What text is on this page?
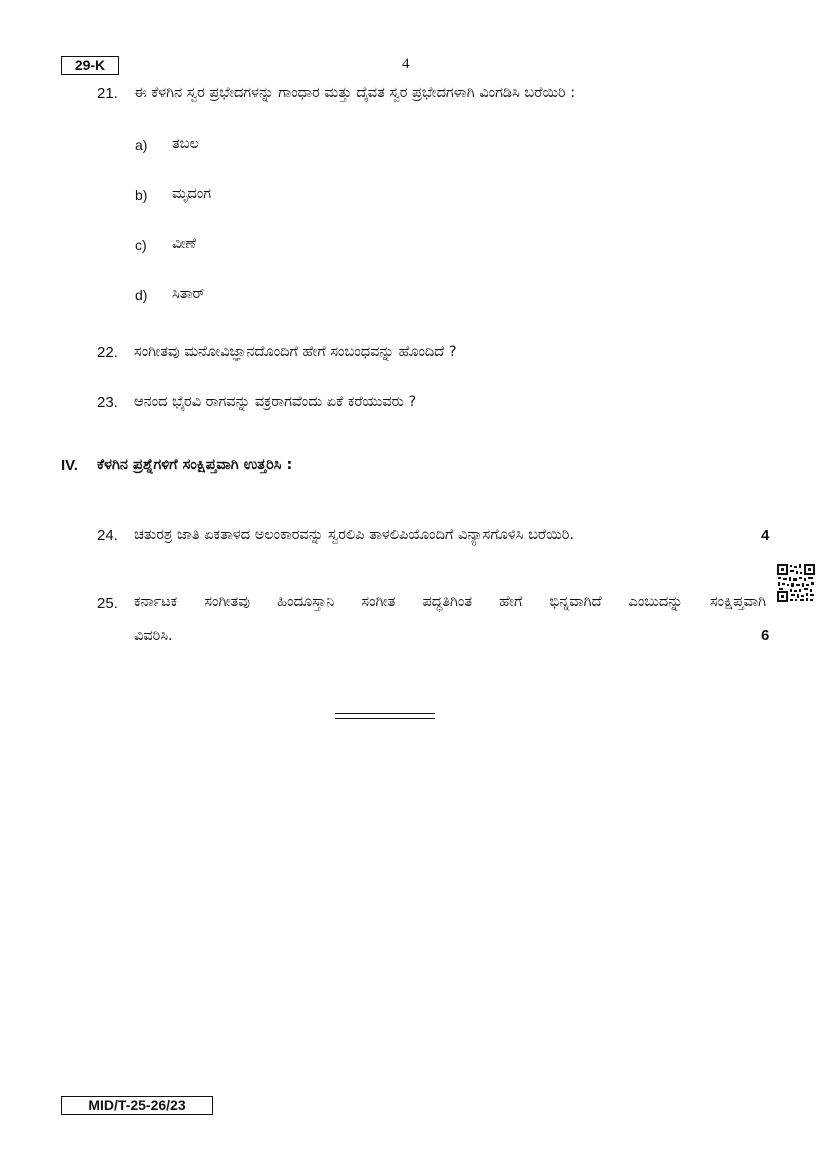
29-K	4
21. ಈ ಕೆಳಗಿನ ಸ್ವರ ಪ್ರಭೇದಗಳನ್ನು ಗಾಂಧಾರ ಮತ್ತು ದೈವತ ಸ್ವರ ಪ್ರಭೇದಗಳಾಗಿ ವಿಂಗಡಿಸಿ ಬರೆಯಿರಿ :
a) ತಬಲ
b) ಮೃದಂಗ
c) ವೀಣೆ
d) ಸಿತಾರ್
22. ಸಂಗೀತವು ಮನೋವಿಜ್ಞಾನದೊಂದಿಗೆ ಹೇಗೆ ಸಂಬಂಧವನ್ನು ಹೊಂದಿದೆ ?
23. ಆನಂದ ಭೈರವಿ ರಾಗವನ್ನು ವಕ್ರರಾಗವೆಂದು ಏಕೆ ಕರೆಯುವರು ?
IV. ಕೆಳಗಿನ ಪ್ರಶ್ನೆಗಳಿಗೆ ಸಂಕ್ಷಿಪ್ತವಾಗಿ ಉತ್ತರಿಸಿ :
24. ಚತುರಶ್ರ ಜಾತಿ ಏಕತಾಳದ ಅಲಂಕಾರವನ್ನು ಸ್ವರಲಿಪಿ ತಾಳಲಿಪಿಯೊಂದಿಗೆ ವಿನ್ಯಾಸಗೊಳಿಸಿ ಬರೆಯಿರಿ.	4
25. ಕರ್ನಾಟಕ ಸಂಗೀತವು ಹಿಂದೂಸ್ತಾನಿ ಸಂಗೀತ ಪದ್ಧತಿಗಿಂತ ಹೇಗೆ ಭಿನ್ನವಾಗಿದೆ ಎಂಬುದನ್ನು ಸಂಕ್ಷಿಪ್ತವಾಗಿ
ವಿವರಿಸಿ.	6
MID/T-25-26/23
